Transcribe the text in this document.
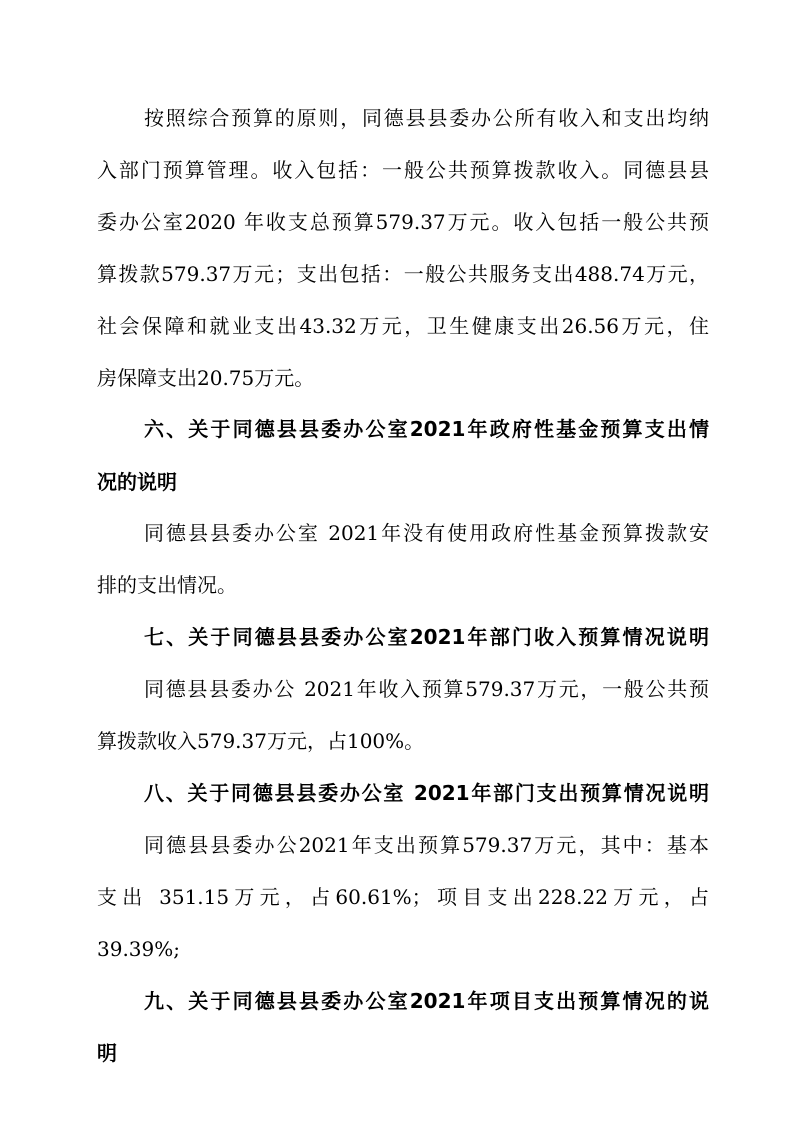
按照综合预算的原则，同德县县委办公所有收入和支出均纳
入部门预算管理。收入包括：一般公共预算拨款收入。同德县县
委办公室2020 年收支总预算579.37万元。收入包括一般公共预
算拨款579.37万元；支出包括：一般公共服务支出488.74万元，
社会保障和就业支出43.32万元，卫生健康支出26.56万元，住
房保障支出20.75万元。
六、关于同德县县委办公室2021年政府性基金预算支出情
况的说明
同德县县委办公室 2021年没有使用政府性基金预算拨款安
排的支出情况。
七、关于同德县县委办公室2021年部门收入预算情况说明
同德县县委办公 2021年收入预算579.37万元，一般公共预
算拨款收入579.37万元，占100%。
八、关于同德县县委办公室 2021年部门支出预算情况说明
同德县县委办公2021年支出预算579.37万元，其中：基本
支出 351.15万元，占60.61%；项目支出228.22万元，占
39.39%;
九、关于同德县县委办公室2021年项目支出预算情况的说
明
